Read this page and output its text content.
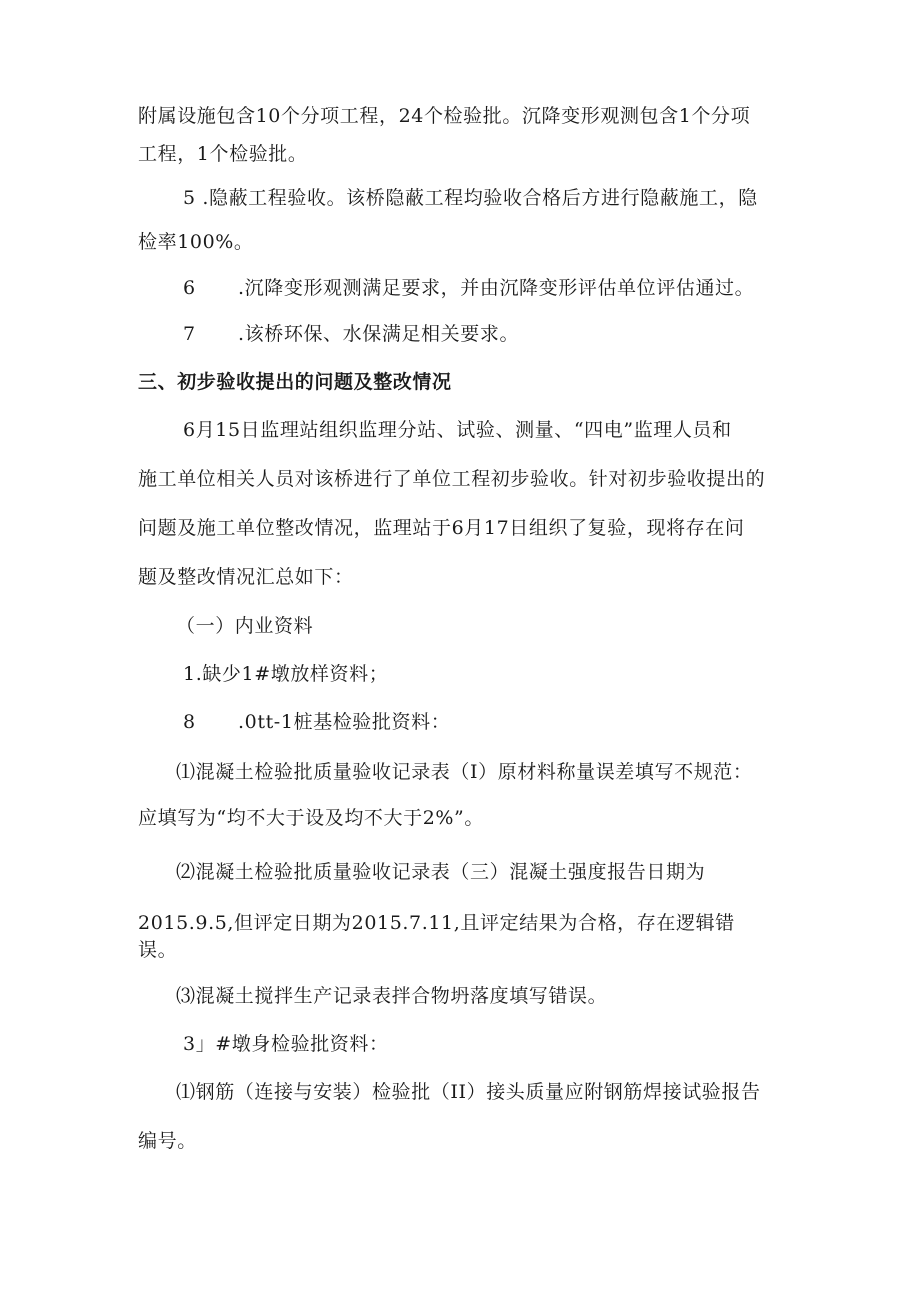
附属设施包含10个分项工程，24个检验批。沉降变形观测包含1个分项
工程，1个检验批。
5 .隐蔽工程验收。该桥隐蔽工程均验收合格后方进行隐蔽施工，隐
检率100%。
6 .沉降变形观测满足要求，并由沉降变形评估单位评估通过。
7 .该桥环保、水保满足相关要求。
三、初步验收提出的问题及整改情况
6月15日监理站组织监理分站、试验、测量、“四电”监理人员和
施工单位相关人员对该桥进行了单位工程初步验收。针对初步验收提出的
问题及施工单位整改情况，监理站于6月17日组织了复验，现将存在问
题及整改情况汇总如下：
（一）内业资料
1.缺少1#墩放样资料；
8 .0tt-1桩基检验批资料：
⑴混凝土检验批质量验收记录表（I）原材料称量误差填写不规范：
应填写为“均不大于设及均不大于2%”。
⑵混凝土检验批质量验收记录表（三）混凝土强度报告日期为
2015.9.5,但评定日期为2015.7.11,且评定结果为合格，存在逻辑错
误。
⑶混凝土搅拌生产记录表拌合物坍落度填写错误。
3」#墩身检验批资料：
⑴钢筋（连接与安装）检验批（II）接头质量应附钢筋焊接试验报告
编号。
